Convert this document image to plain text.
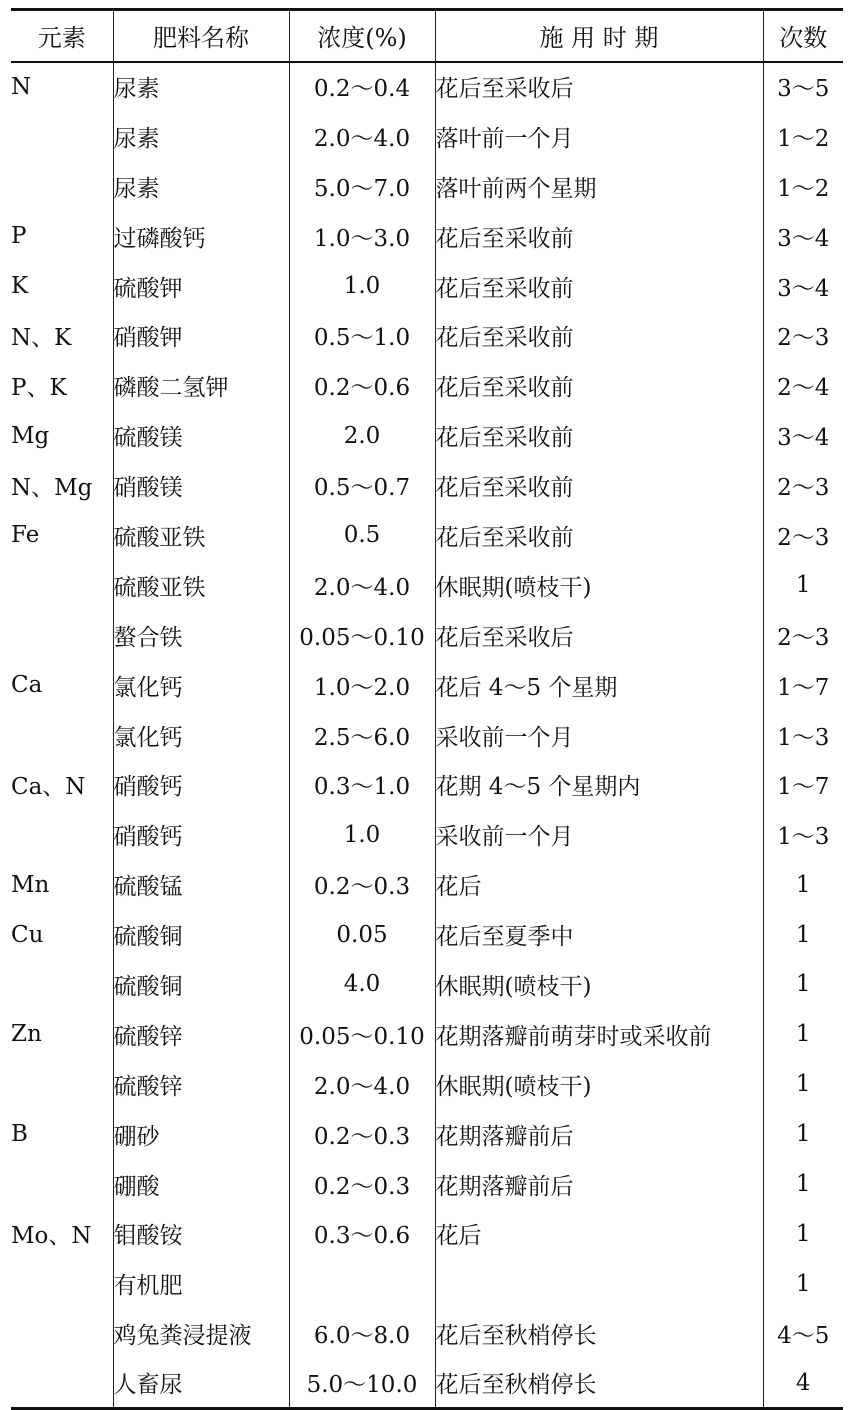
元素	肥料名称	浓度(%)	施 用 时 期	次数
N	尿素	0.2～0.4	花后至采收后	3～5
	尿素	2.0～4.0	落叶前一个月	1～2
	尿素	5.0～7.0	落叶前两个星期	1～2
P	过磷酸钙	1.0～3.0	花后至采收前	3～4
K	硫酸钾	1.0	花后至采收前	3～4
N、K	硝酸钾	0.5～1.0	花后至采收前	2～3
P、K	磷酸二氢钾	0.2～0.6	花后至采收前	2～4
Mg	硫酸镁	2.0	花后至采收前	3～4
N、Mg	硝酸镁	0.5～0.7	花后至采收前	2～3
Fe	硫酸亚铁	0.5	花后至采收前	2～3
	硫酸亚铁	2.0～4.0	休眠期(喷枝干)	1
	螯合铁	0.05～0.10	花后至采收后	2～3
Ca	氯化钙	1.0～2.0	花后 4～5 个星期	1～7
	氯化钙	2.5～6.0	采收前一个月	1～3
Ca、N	硝酸钙	0.3～1.0	花期 4～5 个星期内	1～7
	硝酸钙	1.0	采收前一个月	1～3
Mn	硫酸锰	0.2～0.3	花后	1
Cu	硫酸铜	0.05	花后至夏季中	1
	硫酸铜	4.0	休眠期(喷枝干)	1
Zn	硫酸锌	0.05～0.10	花期落瓣前萌芽时或采收前	1
	硫酸锌	2.0～4.0	休眠期(喷枝干)	1
B	硼砂	0.2～0.3	花期落瓣前后	1
	硼酸	0.2～0.3	花期落瓣前后	1
Mo、N	钼酸铵	0.3～0.6	花后	1
	有机肥			1
	鸡兔粪浸提液	6.0～8.0	花后至秋梢停长	4～5
	人畜尿	5.0～10.0	花后至秋梢停长	4
